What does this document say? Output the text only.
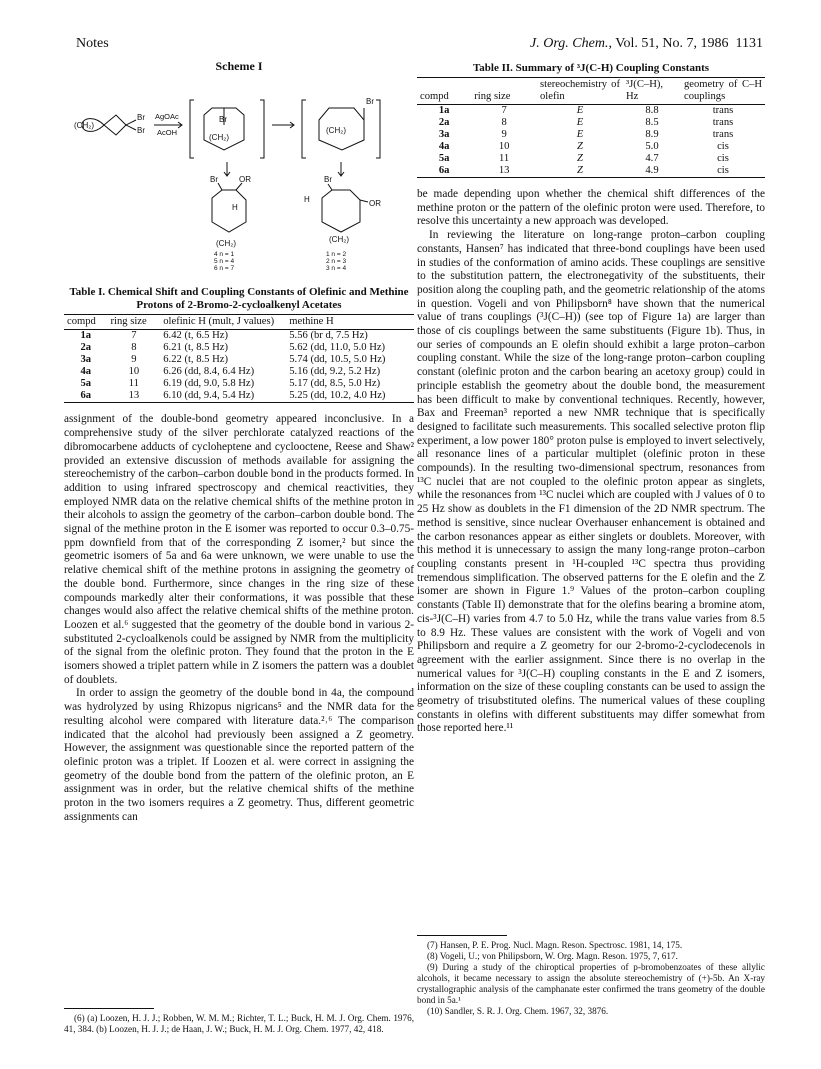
Notes	J. Org. Chem., Vol. 51, No. 7, 1986 1131
Scheme I
(CH₂)
Br
Br
AgOAc
AcOH
Br
(CH₂)
Br
(CH₂)
Br	OR
H
(CH₂)
Br
H	OR
(CH₂)
4 n = 1
5 n = 4
6 n = 7
1 n = 2
2 n = 3
3 n = 4
Table I. Chemical Shift and Coupling Constants of Olefinic and Methine Protons of 2-Bromo-2-cycloalkenyl Acetates
compd	ring size	olefinic H (mult, J values)	methine H
1a	7	6.42 (t, 6.5 Hz)	5.56 (br d, 7.5 Hz)
2a	8	6.21 (t, 8.5 Hz)	5.62 (dd, 11.0, 5.0 Hz)
3a	9	6.22 (t, 8.5 Hz)	5.74 (dd, 10.5, 5.0 Hz)
4a	10	6.26 (dd, 8.4, 6.4 Hz)	5.16 (dd, 9.2, 5.2 Hz)
5a	11	6.19 (dd, 9.0, 5.8 Hz)	5.17 (dd, 8.5, 5.0 Hz)
6a	13	6.10 (dd, 9.4, 5.4 Hz)	5.25 (dd, 10.2, 4.0 Hz)

assignment of the double-bond geometry appeared inconclusive. In a comprehensive study of the silver perchlorate catalyzed reactions of the dibromocarbene adducts of cycloheptene and cyclooctene, Reese and Shaw² provided an extensive discussion of methods available for assigning the stereochemistry of the carbon–carbon double bond in the products formed. In addition to using infrared spectroscopy and chemical reactivities, they employed NMR data on the relative chemical shifts of the methine proton in their alcohols to assign the geometry of the carbon–carbon double bond. The signal of the methine proton in the E isomer was reported to occur 0.3–0.75-ppm downfield from that of the corresponding Z isomer,² but since the geometric isomers of 5a and 6a were unknown, we were unable to use the relative chemical shift of the methine protons in assigning the geometry of the double bond. Furthermore, since changes in the ring size of these compounds markedly alter their conformations, it was possible that these changes would also affect the relative chemical shifts of the methine proton. Loozen et al.⁶ suggested that the geometry of the double bond in various 2-substituted 2-cycloalkenols could be assigned by NMR from the multiplicity of the signal from the olefinic proton. They found that the proton in the E isomers showed a triplet pattern while in Z isomers the pattern was a doublet of doublets.

In order to assign the geometry of the double bond in 4a, the compound was hydrolyzed by using Rhizopus nigricans⁵ and the NMR data for the resulting alcohol were compared with literature data.²˒⁶ The comparison indicated that the alcohol had previously been assigned a Z geometry. However, the assignment was questionable since the reported pattern of the olefinic proton was a triplet. If Loozen et al. were correct in assigning the geometry of the double bond from the pattern of the olefinic proton, an E assignment was in order, but the relative chemical shifts of the methine proton in the two isomers requires a Z geometry. Thus, different geometric assignments can

Table II. Summary of ³J(C-H) Coupling Constants
compd	ring size	stereochemistry of olefin	³J(C–H), Hz	geometry of C–H couplings
1a	7	E	8.8	trans
2a	8	E	8.5	trans
3a	9	E	8.9	trans
4a	10	Z	5.0	cis
5a	11	Z	4.7	cis
6a	13	Z	4.9	cis

be made depending upon whether the chemical shift differences of the methine proton or the pattern of the olefinic proton were used. Therefore, to resolve this uncertainty a new approach was developed.

In reviewing the literature on long-range proton–carbon coupling constants, Hansen⁷ has indicated that three-bond couplings have been used in studies of the conformation of amino acids. These couplings are sensitive to the substitution pattern, the electronegativity of the substituents, their position along the coupling path, and the geometric relationship of the atoms in question. Vogeli and von Philipsborn⁸ have shown that the numerical value of trans couplings (³J(C–H)) (see top of Figure 1a) are larger than those of cis couplings between the same substituents (Figure 1b). Thus, in our series of compounds an E olefin should exhibit a large proton–carbon coupling constant. While the size of the long-range proton–carbon coupling constant (olefinic proton and the carbon bearing an acetoxy group) could in principle establish the geometry about the double bond, the measurement has been difficult to make by conventional techniques. Recently, however, Bax and Freeman³ reported a new NMR technique that is specifically designed to facilitate such measurements. This socalled selective proton flip experiment, a low power 180° proton pulse is employed to invert selectively, all resonance lines of a particular multiplet (olefinic proton in these compounds). In the resulting two-dimensional spectrum, resonances from ¹³C nuclei that are not coupled to the olefinic proton appear as singlets, while the resonances from ¹³C nuclei which are coupled with J values of 0 to 25 Hz show as doublets in the F1 dimension of the 2D NMR spectrum. The method is sensitive, since nuclear Overhauser enhancement is obtained and the carbon resonances appear as either singlets or doublets. Moreover, with this method it is unnecessary to assign the many long-range proton–carbon coupling constants present in ¹H-coupled ¹³C spectra thus providing tremendous simplification. The observed patterns for the E olefin and the Z isomer are shown in Figure 1.⁹ Values of the proton–carbon coupling constants (Table II) demonstrate that for the olefins bearing a bromine atom, cis-³J(C–H) varies from 4.7 to 5.0 Hz, while the trans value varies from 8.5 to 8.9 Hz. These values are consistent with the work of Vogeli and von Philipsborn and require a Z geometry for our 2-bromo-2-cyclodecenols in agreement with the earlier assignment. Since there is no overlap in the numerical values for ³J(C–H) coupling constants in the E and Z isomers, information on the size of these coupling constants can be used to assign the geometry of trisubstituted olefins. The numerical values of these coupling constants in olefins with different substituents may differ somewhat from those reported here.¹¹

(6) (a) Loozen, H. J. J.; Robben, W. M. M.; Richter, T. L.; Buck, H. M. J. Org. Chem. 1976, 41, 384. (b) Loozen, H. J. J.; de Haan, J. W.; Buck, H. M. J. Org. Chem. 1977, 42, 418.

(7) Hansen, P. E. Prog. Nucl. Magn. Reson. Spectrosc. 1981, 14, 175.

(8) Vogeli, U.; von Philipsborn, W. Org. Magn. Reson. 1975, 7, 617.

(9) During a study of the chiroptical properties of p-bromobenzoates of these allylic alcohols, it became necessary to assign the absolute stereochemistry of (+)-5b. An X-ray crystallographic analysis of the camphanate ester confirmed the trans geometry of the double bond in 5a.¹

(10) Sandler, S. R. J. Org. Chem. 1967, 32, 3876.
